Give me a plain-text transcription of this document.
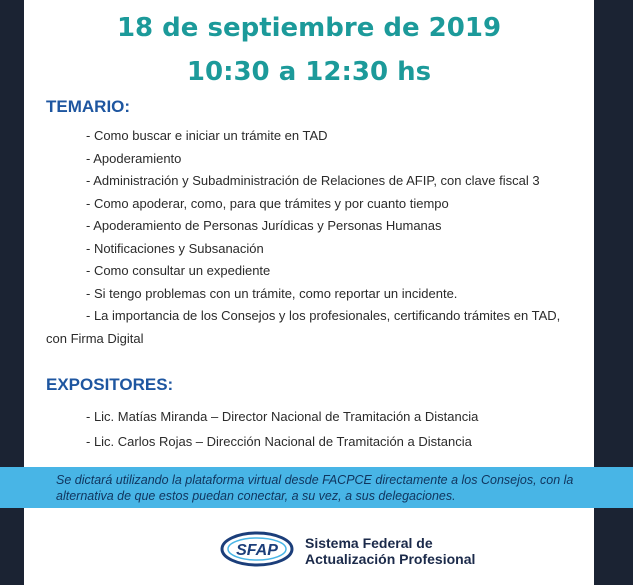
18 de septiembre de 2019
10:30 a 12:30 hs
TEMARIO:
- Como buscar e iniciar un trámite en TAD
- Apoderamiento
- Administración y Subadministración de Relaciones de AFIP, con clave fiscal 3
- Como apoderar, como, para que trámites y por cuanto tiempo
- Apoderamiento de Personas Jurídicas y Personas Humanas
- Notificaciones y Subsanación
- Como consultar un expediente
- Si tengo problemas con un trámite, como reportar un incidente.
- La importancia de los Consejos y los profesionales, certificando trámites en TAD,
con Firma Digital
EXPOSITORES:
- Lic. Matías Miranda – Director Nacional de Tramitación a Distancia
- Lic. Carlos Rojas – Dirección Nacional de Tramitación a Distancia
SFAP Sistema Federal de
Actualización Profesional
Se dictará utilizando la plataforma virtual desde FACPCE directamente a los Consejos, con la
alternativa de que estos puedan conectar, a su vez, a sus delegaciones.
